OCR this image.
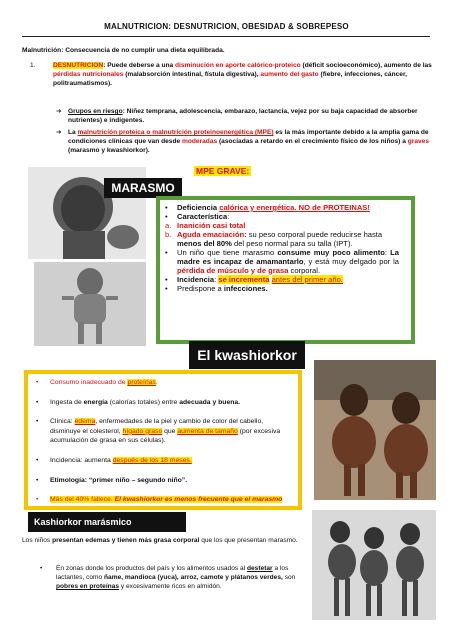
MALNUTRICION: DESNUTRICION, OBESIDAD & SOBREPESO
Malnutrición: Consecuencia de no cumplir una dieta equilibrada.
1.	DESNUTRICION: Puede deberse a una disminución en aporte calórico-proteico (déficit socioeconómico), aumento de las pérdidas nutricionales (malabsorción intestinal, fístula digestiva), aumento del gasto (fiebre, infecciones, cáncer, politraumatismos).
➔ Grupos en riesgo: Niñez temprana, adolescencia, embarazo, lactancia, vejez por su baja capacidad de absorber nutrientes) e indigentes.
➔ La malnutrición proteica o malnutrición proteinoenergética (MPE) es la más importante debido a la amplia gama de condiciones clínicas que van desde moderadas (asociadas a retardo en el crecimiento físico de los niños) a graves (marasmo y kwashiorkor).
MPE GRAVE:
MARASMO
• Deficiencia calórica y energética. NO de PROTEINAS!
• Característica:
a. Inanición casi total
b. Aguda emaciación: su peso corporal puede reducirse hasta menos del 80% del peso normal para su talla (IPT).
• Un niño que tiene marasmo consume muy poco alimento: La madre es incapaz de amamantarlo, y está muy delgado por la pérdida de músculo y de grasa corporal.
• Incidencia: se incrementa antes del primer año.
• Predispone a infecciones.
El kwashiorkor
• Consumo inadecuado de proteínas.
• Ingesta de energía (calorías totales) entre adecuada y buena.
• Clínica: edema, enfermedades de la piel y cambio de color del cabello, disminuye el colesterol, hígado graso que aumenta de tamaño (por excesiva acumulación de grasa en sus células).
• Incidencia: aumenta después de los 18 meses.
• Etimología: “primer niño – segundo niño”.
• Más del 40% fallece. El kwashiorkor es menos frecuente que el marasmo
Kashiorkor marásmico
Los niños presentan edemas y tienen más grasa corporal que los que presentan marasmo.
• En zonas donde los productos del país y los alimentos usados al destetar a los lactantes, como ñame, mandioca (yuca), arroz, camote y plátanos verdes, son pobres en proteínas y excesivamente ricos en almidón.
